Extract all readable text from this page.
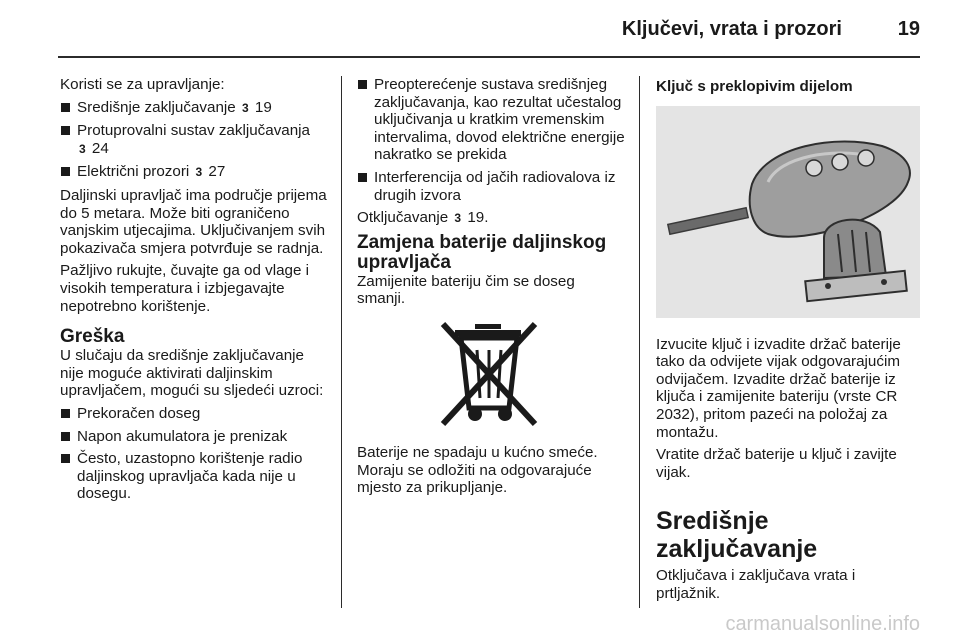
Ključevi, vrata i prozori	19

Koristi se za upravljanje:

Središnje zaključavanje 3 19
Protuprovalni sustav zaključavanja
3 24
Električni prozori 3 27

Daljinski upravljač ima područje prijema do 5 metara. Može biti ograničeno vanjskim utjecajima. Uključivanjem svih pokazivača smjera potvrđuje se radnja.

Pažljivo rukujte, čuvajte ga od vlage i visokih temperatura i izbjegavajte nepotrebno korištenje.

Greška

U slučaju da središnje zaključavanje nije moguće aktivirati daljinskim upravljačem, mogući su sljedeći uzroci:

Prekoračen doseg
Napon akumulatora je prenizak
Često, uzastopno korištenje radio daljinskog upravljača kada nije u dosegu.
Preopterećenje sustava središnjeg zaključavanja, kao rezultat učestalog uključivanja u kratkim vremenskim intervalima, dovod električne energije nakratko se prekida
Interferencija od jačih radiovalova iz drugih izvora

Otključavanje 3 19.

Zamjena baterije daljinskog upravljača

Zamijenite bateriju čim se doseg smanji.

Baterije ne spadaju u kućno smeće. Moraju se odložiti na odgovarajuće mjesto za prikupljanje.

Ključ s preklopivim dijelom

Izvucite ključ i izvadite držač baterije tako da odvijete vijak odgovarajućim odvijačem. Izvadite držač baterije iz ključa i zamijenite bateriju (vrste CR 2032), pritom pazeći na položaj za montažu.

Vratite držač baterije u ključ i zavijte vijak.

Središnje zaključavanje

Otključava i zaključava vrata i prtljažnik.

carmanualsonline.info
